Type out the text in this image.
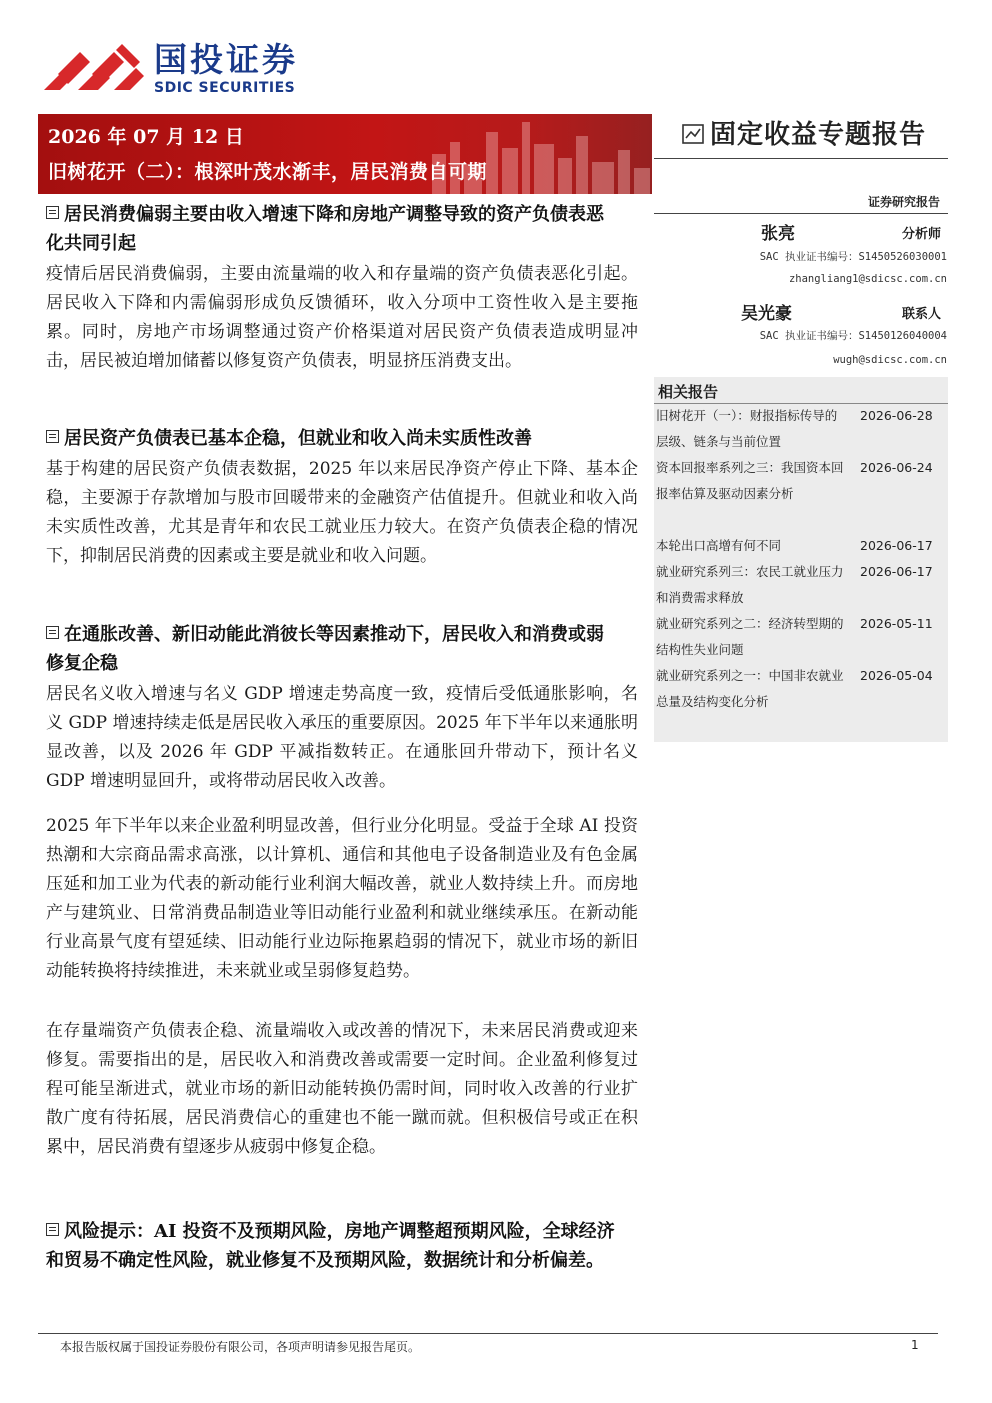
国投证券
SDIC SECURITIES
2026 年 07 月 12 日
旧树花开（二）：根深叶茂水渐丰，居民消费自可期
固定收益专题报告
证券研究报告
张亮	分析师
SAC 执业证书编号：S1450526030001
zhangliang1@sdicsc.com.cn
吴光豪	联系人
SAC 执业证书编号：S1450126040004
wugh@sdicsc.com.cn
相关报告
旧树花开（一）：财报指标传导的层级、链条与当前位置
2026-06-28
资本回报率系列之三：我国资本回报率估算及驱动因素分析
2026-06-24
本轮出口高增有何不同	2026-06-17
就业研究系列三：农民工就业压力和消费需求释放
2026-06-17
就业研究系列之二：经济转型期的结构性失业问题
2026-05-11
就业研究系列之一：中国非农就业总量及结构变化分析
2026-05-04
居民消费偏弱主要由收入增速下降和房地产调整导致的资产负债表恶化共同引起
疫情后居民消费偏弱，主要由流量端的收入和存量端的资产负债表恶化引起。居民收入下降和内需偏弱形成负反馈循环，收入分项中工资性收入是主要拖累。同时，房地产市场调整通过资产价格渠道对居民资产负债表造成明显冲击，居民被迫增加储蓄以修复资产负债表，明显挤压消费支出。
居民资产负债表已基本企稳，但就业和收入尚未实质性改善
基于构建的居民资产负债表数据，2025 年以来居民净资产停止下降、基本企稳，主要源于存款增加与股市回暖带来的金融资产估值提升。但就业和收入尚未实质性改善，尤其是青年和农民工就业压力较大。在资产负债表企稳的情况下，抑制居民消费的因素或主要是就业和收入问题。
在通胀改善、新旧动能此消彼长等因素推动下，居民收入和消费或弱修复企稳
居民名义收入增速与名义 GDP 增速走势高度一致，疫情后受低通胀影响，名义 GDP 增速持续走低是居民收入承压的重要原因。2025 年下半年以来通胀明显改善，以及 2026 年 GDP 平减指数转正。在通胀回升带动下，预计名义 GDP 增速明显回升，或将带动居民收入改善。
2025 年下半年以来企业盈利明显改善，但行业分化明显。受益于全球 AI 投资热潮和大宗商品需求高涨，以计算机、通信和其他电子设备制造业及有色金属压延和加工业为代表的新动能行业利润大幅改善，就业人数持续上升。而房地产与建筑业、日常消费品制造业等旧动能行业盈利和就业继续承压。在新动能行业高景气度有望延续、旧动能行业边际拖累趋弱的情况下，就业市场的新旧动能转换将持续推进，未来就业或呈弱修复趋势。
在存量端资产负债表企稳、流量端收入或改善的情况下，未来居民消费或迎来修复。需要指出的是，居民收入和消费改善或需要一定时间。企业盈利修复过程可能呈渐进式，就业市场的新旧动能转换仍需时间，同时收入改善的行业扩散广度有待拓展，居民消费信心的重建也不能一蹴而就。但积极信号或正在积累中，居民消费有望逐步从疲弱中修复企稳。
风险提示：AI 投资不及预期风险，房地产调整超预期风险，全球经济和贸易不确定性风险，就业修复不及预期风险，数据统计和分析偏差。
本报告版权属于国投证券股份有限公司，各项声明请参见报告尾页。	1
